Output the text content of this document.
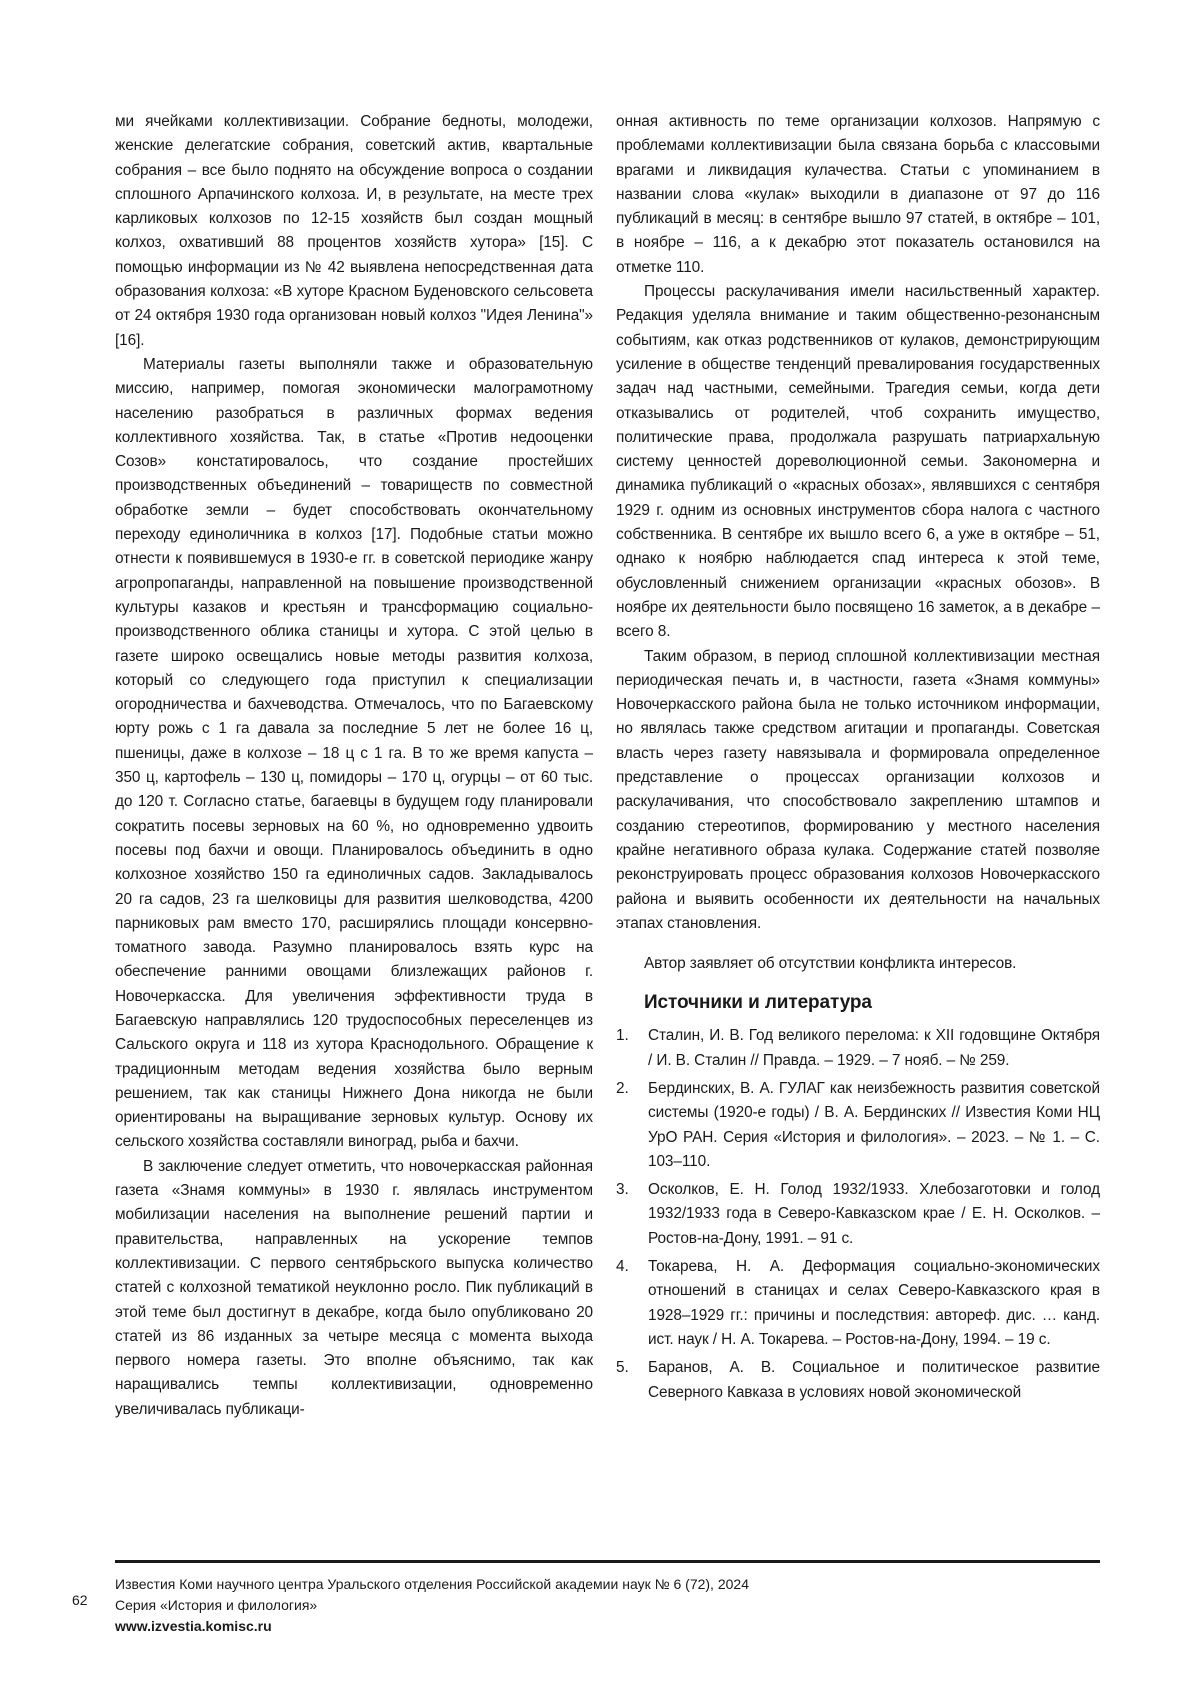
ми ячейками коллективизации. Собрание бедноты, молодежи, женские делегатские собрания, советский актив, квартальные собрания – все было поднято на обсуждение вопроса о создании сплошного Арпачинского колхоза. И, в результате, на месте трех карликовых колхозов по 12-15 хозяйств был создан мощный колхоз, охвативший 88 процентов хозяйств хутора» [15]. С помощью информации из № 42 выявлена непосредственная дата образования колхоза: «В хуторе Красном Буденовского сельсовета от 24 октября 1930 года организован новый колхоз "Идея Ленина"» [16].

Материалы газеты выполняли также и образовательную миссию, например, помогая экономически малограмотному населению разобраться в различных формах ведения коллективного хозяйства. Так, в статье «Против недооценки Созов» констатировалось, что создание простейших производственных объединений – товариществ по совместной обработке земли – будет способствовать окончательному переходу единоличника в колхоз [17]. Подобные статьи можно отнести к появившемуся в 1930-е гг. в советской периодике жанру агропропаганды, направленной на повышение производственной культуры казаков и крестьян и трансформацию социально-производственного облика станицы и хутора. С этой целью в газете широко освещались новые методы развития колхоза, который со следующего года приступил к специализации огородничества и бахчеводства. Отмечалось, что по Багаевскому юрту рожь с 1 га давала за последние 5 лет не более 16 ц, пшеницы, даже в колхозе – 18 ц с 1 га. В то же время капуста – 350 ц, картофель – 130 ц, помидоры – 170 ц, огурцы – от 60 тыс. до 120 т. Согласно статье, багаевцы в будущем году планировали сократить посевы зерновых на 60 %, но одновременно удвоить посевы под бахчи и овощи. Планировалось объединить в одно колхозное хозяйство 150 га единоличных садов. Закладывалось 20 га садов, 23 га шелковицы для развития шелководства, 4200 парниковых рам вместо 170, расширялись площади консервно-томатного завода. Разумно планировалось взять курс на обеспечение ранними овощами близлежащих районов г. Новочеркасска. Для увеличения эффективности труда в Багаевскую направлялись 120 трудоспособных переселенцев из Сальского округа и 118 из хутора Краснодольного. Обращение к традиционным методам ведения хозяйства было верным решением, так как станицы Нижнего Дона никогда не были ориентированы на выращивание зерновых культур. Основу их сельского хозяйства составляли виноград, рыба и бахчи.

В заключение следует отметить, что новочеркасская районная газета «Знамя коммуны» в 1930 г. являлась инструментом мобилизации населения на выполнение решений партии и правительства, направленных на ускорение темпов коллективизации. С первого сентябрьского выпуска количество статей с колхозной тематикой неуклонно росло. Пик публикаций в этой теме был достигнут в декабре, когда было опубликовано 20 статей из 86 изданных за четыре месяца с момента выхода первого номера газеты. Это вполне объяснимо, так как наращивались темпы коллективизации, одновременно увеличивалась публикаци-

онная активность по теме организации колхозов. Напрямую с проблемами коллективизации была связана борьба с классовыми врагами и ликвидация кулачества. Статьи с упоминанием в названии слова «кулак» выходили в диапазоне от 97 до 116 публикаций в месяц: в сентябре вышло 97 статей, в октябре – 101, в ноябре – 116, а к декабрю этот показатель остановился на отметке 110.

Процессы раскулачивания имели насильственный характер. Редакция уделяла внимание и таким общественно-резонансным событиям, как отказ родственников от кулаков, демонстрирующим усиление в обществе тенденций превалирования государственных задач над частными, семейными. Трагедия семьи, когда дети отказывались от родителей, чтоб сохранить имущество, политические права, продолжала разрушать патриархальную систему ценностей дореволюционной семьи. Закономерна и динамика публикаций о «красных обозах», являвшихся с сентября 1929 г. одним из основных инструментов сбора налога с частного собственника. В сентябре их вышло всего 6, а уже в октябре – 51, однако к ноябрю наблюдается спад интереса к этой теме, обусловленный снижением организации «красных обозов». В ноябре их деятельности было посвящено 16 заметок, а в декабре – всего 8.

Таким образом, в период сплошной коллективизации местная периодическая печать и, в частности, газета «Знамя коммуны» Новочеркасского района была не только источником информации, но являлась также средством агитации и пропаганды. Советская власть через газету навязывала и формировала определенное представление о процессах организации колхозов и раскулачивания, что способствовало закреплению штампов и созданию стереотипов, формированию у местного населения крайне негативного образа кулака. Содержание статей позволяе реконструировать процесс образования колхозов Новочеркасского района и выявить особенности их деятельности на начальных этапах становления.

Автор заявляет об отсутствии конфликта интересов.

Источники и литература
1. Сталин, И. В. Год великого перелома: к XII годовщине Октября / И. В. Сталин // Правда. – 1929. – 7 нояб. – № 259.
2. Бердинских, В. А. ГУЛАГ как неизбежность развития советской системы (1920-е годы) / В. А. Бердинских // Известия Коми НЦ УрО РАН. Серия «История и филология». – 2023. – № 1. – С. 103–110.
3. Осколков, Е. Н. Голод 1932/1933. Хлебозаготовки и голод 1932/1933 года в Северо-Кавказском крае / Е. Н. Осколков. – Ростов-на-Дону, 1991. – 91 с.
4. Токарева, Н. А. Деформация социально-экономических отношений в станицах и селах Северо-Кавказского края в 1928–1929 гг.: причины и последствия: автореф. дис. … канд. ист. наук / Н. А. Токарева. – Ростов-на-Дону, 1994. – 19 с.
5. Баранов, А. В. Социальное и политическое развитие Северного Кавказа в условиях новой экономической
62
Известия Коми научного центра Уральского отделения Российской академии наук № 6 (72), 2024
Серия «История и филология»
www.izvestia.komisc.ru
